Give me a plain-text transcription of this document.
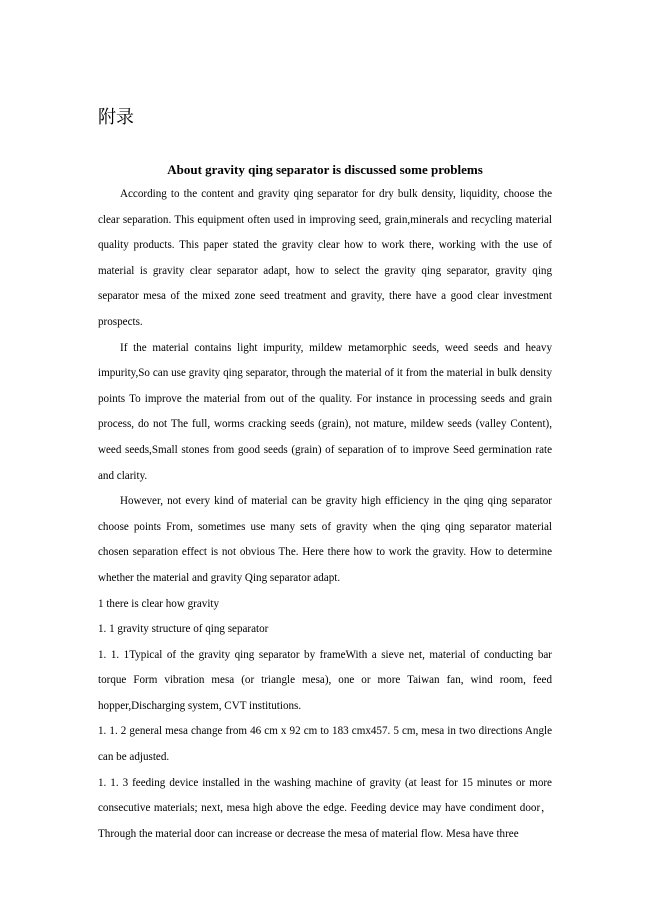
附录
About gravity qing separator is discussed some problems

According to the content and gravity qing separator for dry bulk density, liquidity, choose the clear separation. This equipment often used in improving seed, grain,minerals and recycling material quality products. This paper stated the gravity clear how to work there, working with the use of material is gravity clear separator adapt, how to select the gravity qing separator, gravity qing separator mesa of the mixed zone seed treatment and gravity, there have a good clear investment prospects.

If the material contains light impurity, mildew metamorphic seeds, weed seeds and heavy impurity,So can use gravity qing separator, through the material of it from the material in bulk density points To improve the material from out of the quality. For instance in processing seeds and grain process, do not The full, worms cracking seeds (grain), not mature, mildew seeds (valley Content), weed seeds,Small stones from good seeds (grain) of separation of to improve Seed germination rate and clarity.

However, not every kind of material can be gravity high efficiency in the qing qing separator choose points From, sometimes use many sets of gravity when the qing qing separator material chosen separation effect is not obvious The. Here there how to work the gravity. How to determine whether the material and gravity Qing separator adapt.

1 there is clear how gravity

1. 1 gravity structure of qing separator

1. 1. 1Typical of the gravity qing separator by frameWith a sieve net, material of conducting bar torque Form vibration mesa (or triangle mesa), one or more Taiwan fan, wind room, feed hopper,Discharging system, CVT institutions.

1. 1. 2 general mesa change from 46 cm x 92 cm to 183 cmx457. 5 cm, mesa in two directions Angle can be adjusted.

1. 1. 3 feeding device installed in the washing machine of gravity (at least for 15 minutes or more consecutive materials; next, mesa high above the edge. Feeding device may have condiment door，Through the material door can increase or decrease the mesa of material flow. Mesa have three
